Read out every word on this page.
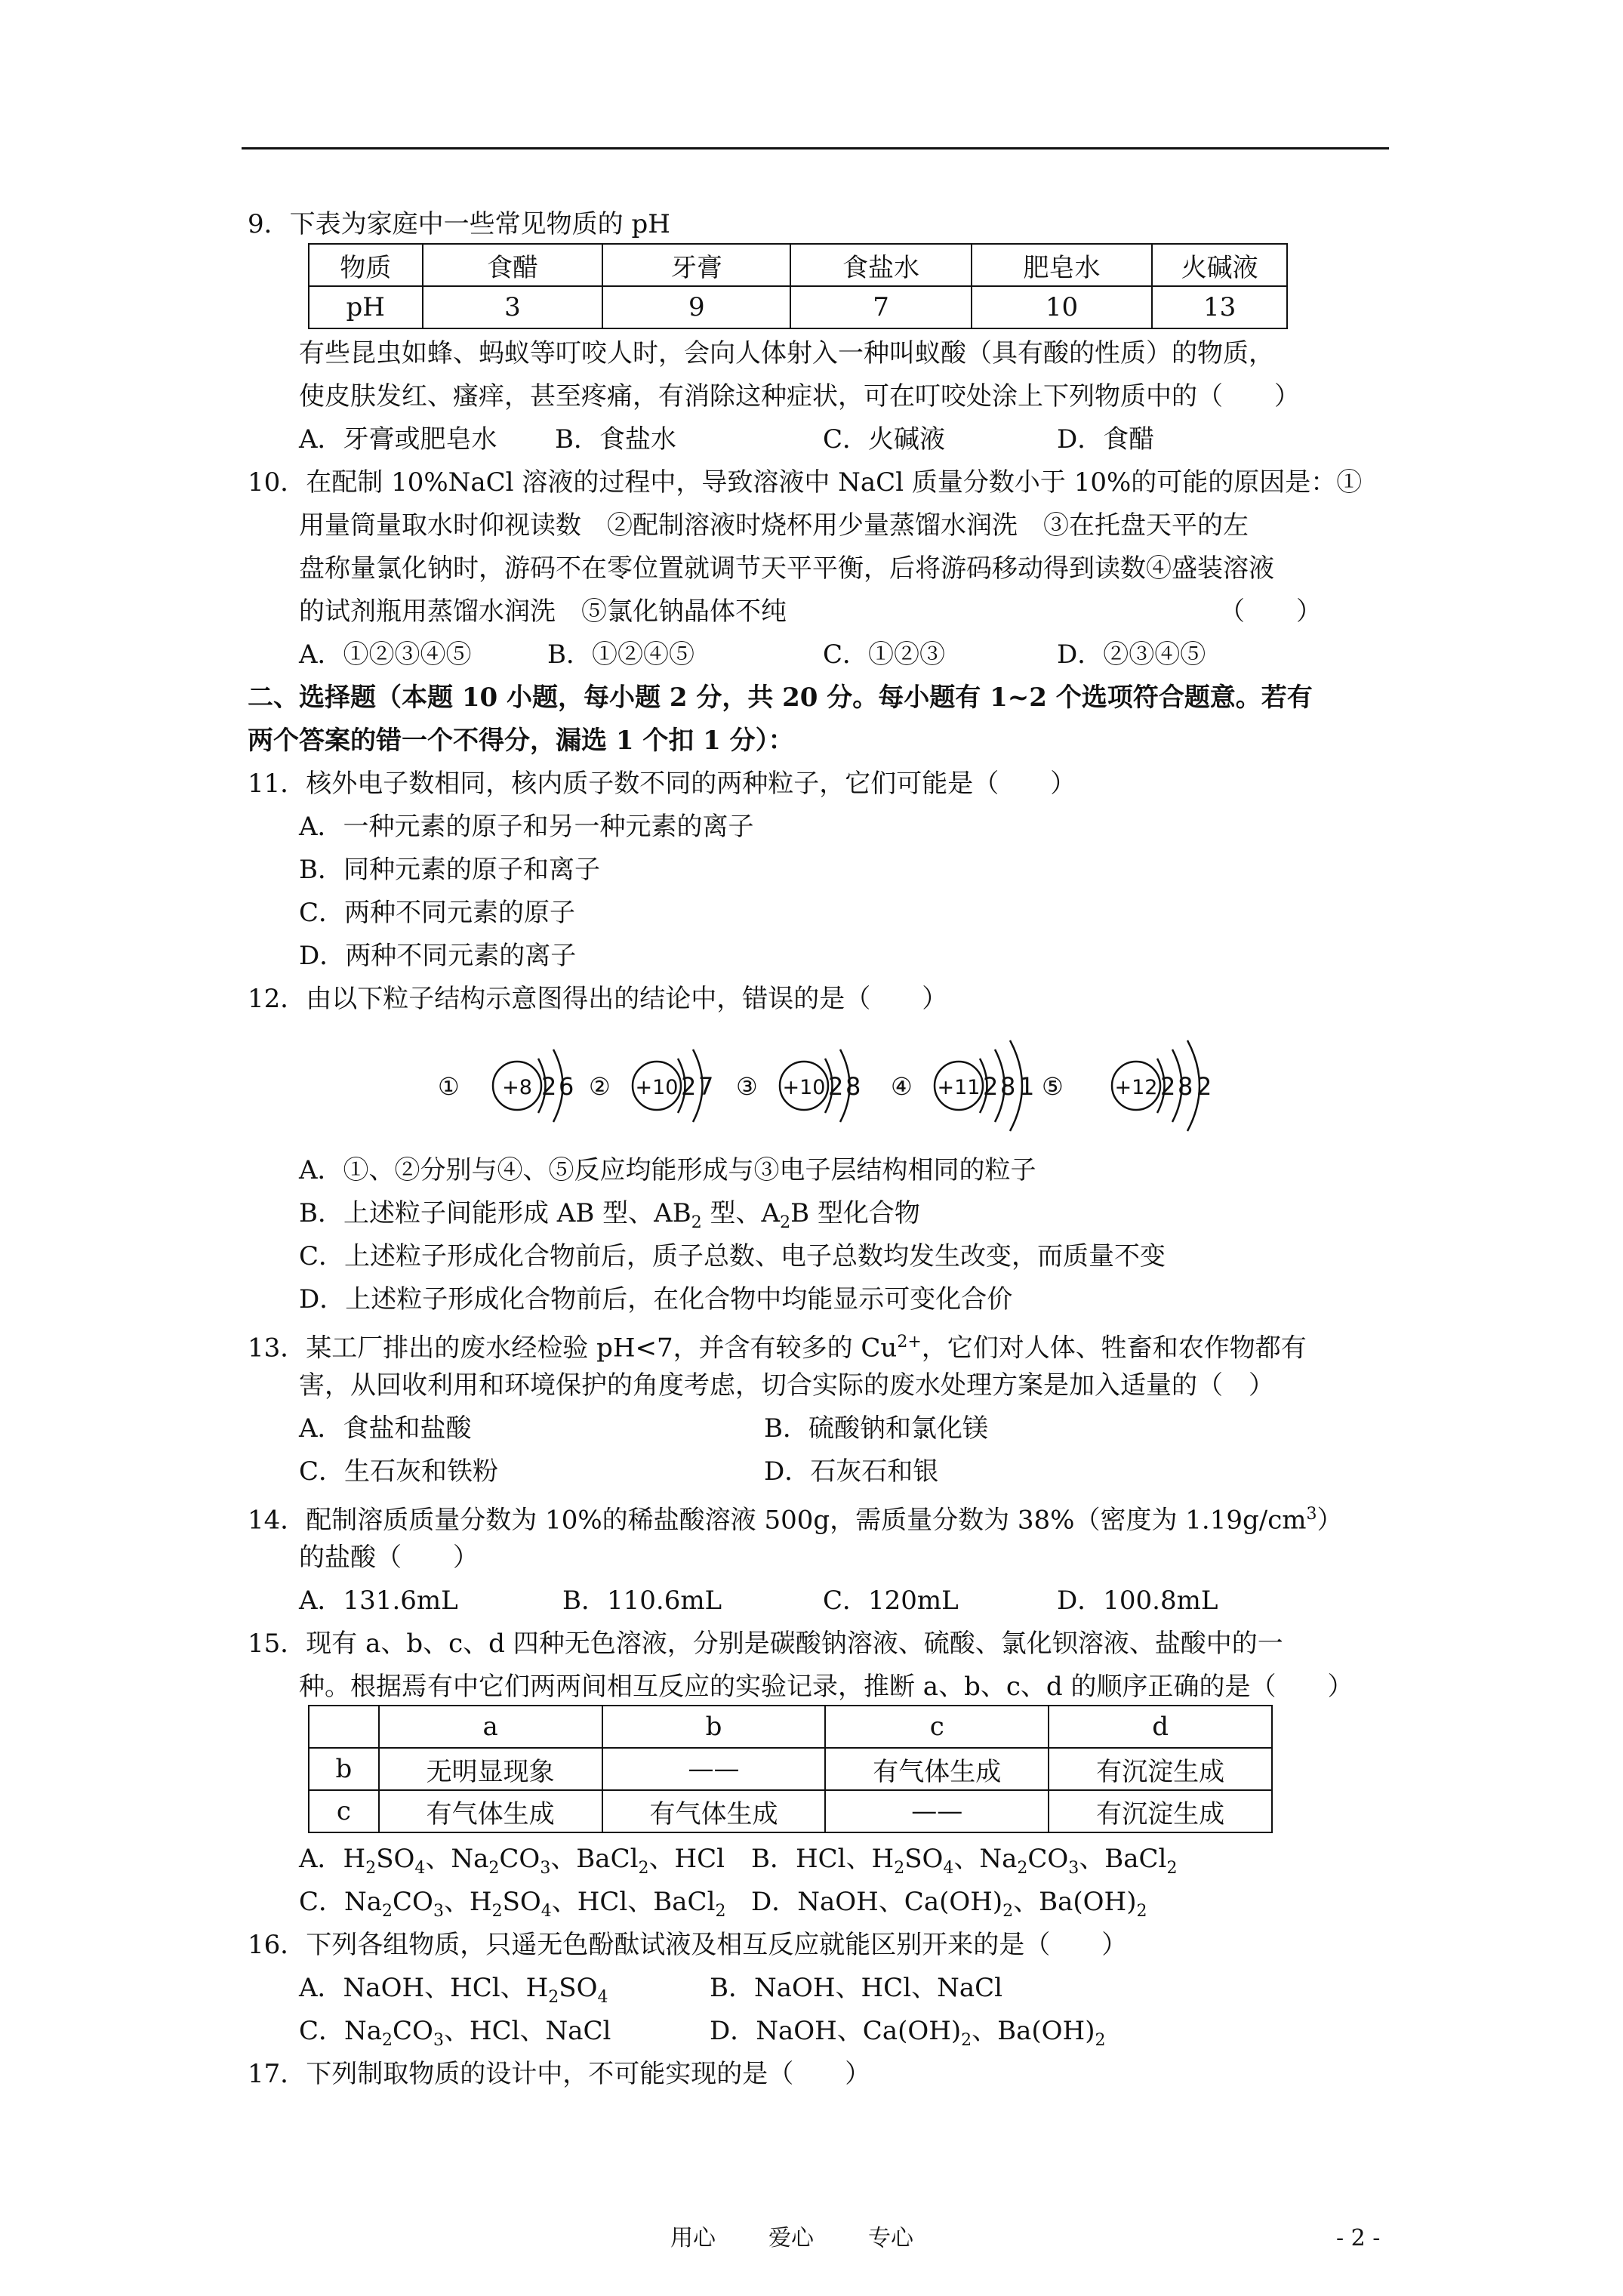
9．下表为家庭中一些常见物质的 pH
物质	食醋	牙膏	食盐水	肥皂水	火碱液
pH	3	9	7	10	13
有些昆虫如蜂、蚂蚁等叮咬人时，会向人体射入一种叫蚁酸（具有酸的性质）的物质，
使皮肤发红、瘙痒，甚至疼痛，有消除这种症状，可在叮咬处涂上下列物质中的（　　）
A．牙膏或肥皂水 B．食盐水	C．火碱液	D．食醋
10．在配制 10%NaCl 溶液的过程中，导致溶液中 NaCl 质量分数小于 10%的可能的原因是：①
用量筒量取水时仰视读数　②配制溶液时烧杯用少量蒸馏水润洗　③在托盘天平的左
盘称量氯化钠时，游码不在零位置就调节天平平衡，后将游码移动得到读数④盛装溶液
的试剂瓶用蒸馏水润洗　⑤氯化钠晶体不纯	（　　）
A．①②③④⑤	B．①②④⑤	C．①②③	D．②③④⑤
二、选择题（本题 10 小题，每小题 2 分，共 20 分。每小题有 1~2 个选项符合题意。若有
两个答案的错一个不得分，漏选 1 个扣 1 分）：
11．核外电子数相同，核内质子数不同的两种粒子，它们可能是（　　）
A．一种元素的原子和另一种元素的离子
B．同种元素的原子和离子
C．两种不同元素的原子
D．两种不同元素的离子
12．由以下粒子结构示意图得出的结论中，错误的是（　　）
① +8 2 6 ② +10 2 7 ③ +10 2 8 ④ +11 2 8 1 ⑤	+12 2 8 2
A．①、②分别与④、⑤反应均能形成与③电子层结构相同的粒子
B．上述粒子间能形成 AB 型、$AB_2$ 型、$A_2B$ 型化合物
C．上述粒子形成化合物前后，质子总数、电子总数均发生改变，而质量不变
D．上述粒子形成化合物前后，在化合物中均能显示可变化合价
13．某工厂排出的废水经检验 pH<7，并含有较多的 $Cu^{2+}$，它们对人体、牲畜和农作物都有
害，从回收利用和环境保护的角度考虑，切合实际的废水处理方案是加入适量的（　）
A．食盐和盐酸	B．硫酸钠和氯化镁
C．生石灰和铁粉	D．石灰石和银
14．配制溶质质量分数为 10%的稀盐酸溶液 500g，需质量分数为 38%（密度为 $1.19g/cm^3$）
的盐酸（　　）
A．131.6mL	B．110.6mL	C．120mL	D．100.8mL
15．现有 a、b、c、d 四种无色溶液，分别是碳酸钠溶液、硫酸、氯化钡溶液、盐酸中的一
种。根据焉有中它们两两间相互反应的实验记录，推断 a、b、c、d 的顺序正确的是（　　）
	a	b	c	d
b	无明显现象	——	有气体生成	有沉淀生成
c	有气体生成	有气体生成	——	有沉淀生成
A．$H_2SO_4$、$Na_2CO_3$、BaCl$_2$、HCl B．HCl、$H_2SO_4$、$Na_2CO_3$、BaCl$_2$
C．$Na_2CO_3$、$H_2SO_4$、HCl、BaCl$_2$ D．NaOH、$Ca(OH)_2$、$Ba(OH)_2$
16．下列各组物质，只遥无色酚酞试液及相互反应就能区别开来的是（　　）
A．NaOH、HCl、$H_2SO_4$	B．NaOH、HCl、NaCl
C．$Na_2CO_3$、HCl、NaCl	D．NaOH、$Ca(OH)_2$、$Ba(OH)_2$
17．下列制取物质的设计中，不可能实现的是（　　）
用心 爱心 专心	- 2 -
